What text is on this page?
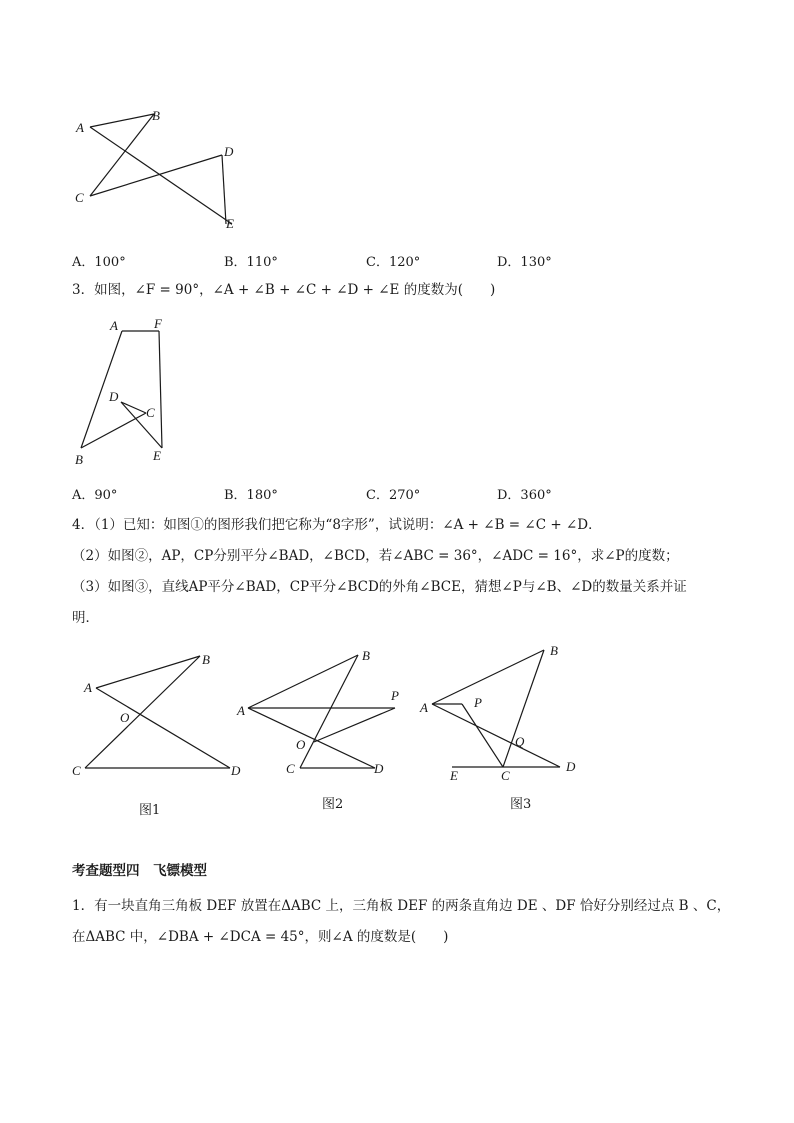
A
B
C
D
E
A．100°	B．110°	C．120°	D．130°
3．如图，∠F = 90°，∠A + ∠B + ∠C + ∠D + ∠E 的度数为(　　)
A	F
D
C
B	E
A．90°	B．180°	C．270°	D．360°
4．（1）已知：如图①的图形我们把它称为“8字形”，试说明：∠A + ∠B = ∠C + ∠D．
（2）如图②，AP，CP分别平分∠BAD，∠BCD，若∠ABC = 36°，∠ADC = 16°，求∠P的度数；
（3）如图③，直线AP平分∠BAD，CP平分∠BCD的外角∠BCE，猜想∠P与∠B、∠D的数量关系并证
明．
A
B
O
C	D
图1
B
P
A
O
C	D
图2
B
A	P
Q
E	C
D
图3
考查题型四　飞镖模型
1．有一块直角三角板 DEF 放置在ΔABC 上，三角板 DEF 的两条直角边 DE 、DF 恰好分别经过点 B 、C，
在ΔABC 中，∠DBA + ∠DCA = 45°，则∠A 的度数是(　　)
